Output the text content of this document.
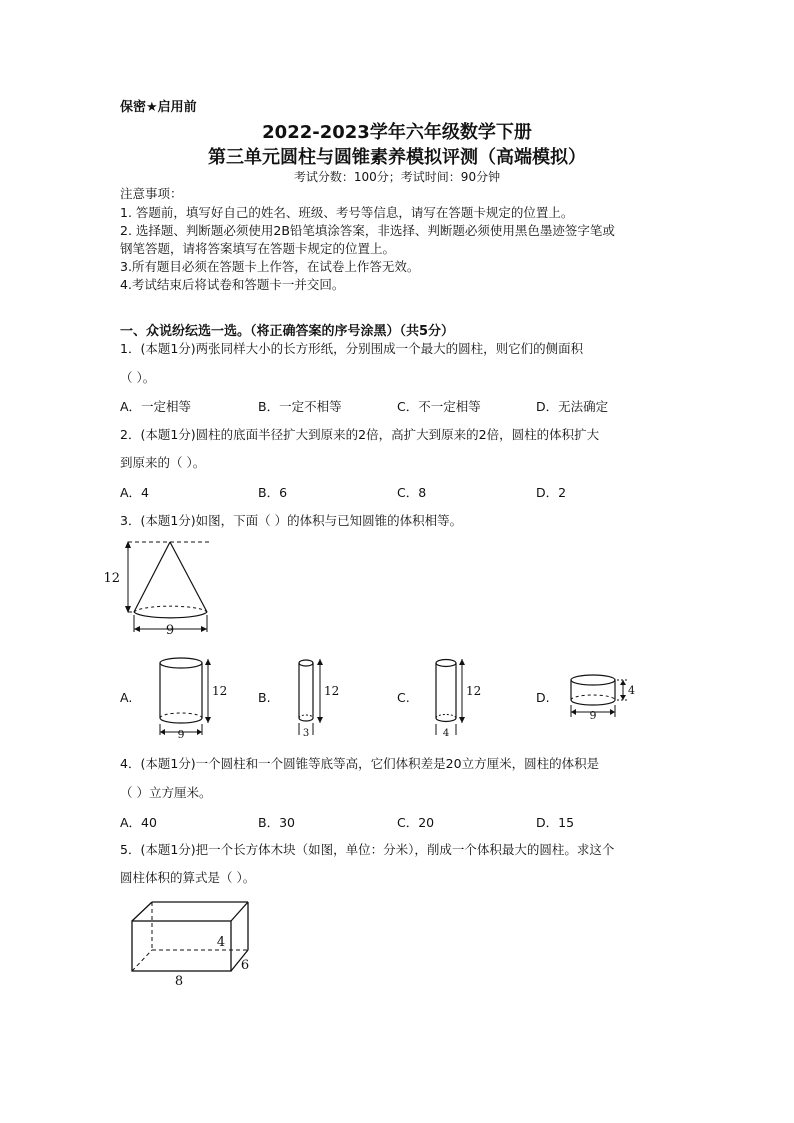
保密★启用前
2022-2023学年六年级数学下册
第三单元圆柱与圆锥素养模拟评测（高端模拟）
考试分数：100分；考试时间：90分钟
注意事项：
1. 答题前，填写好自己的姓名、班级、考号等信息，请写在答题卡规定的位置上。
2. 选择题、判断题必须使用2B铅笔填涂答案，非选择、判断题必须使用黑色墨迹签字笔或
钢笔答题，请将答案填写在答题卡规定的位置上。
3.所有题目必须在答题卡上作答，在试卷上作答无效。
4.考试结束后将试卷和答题卡一并交回。
一、众说纷纭选一选。（将正确答案的序号涂黑）（共5分）
1．(本题1分)两张同样大小的长方形纸，分别围成一个最大的圆柱，则它们的侧面积
（ ）。
A．一定相等	B．一定不相等	C．不一定相等	D．无法确定
2．(本题1分)圆柱的底面半径扩大到原来的2倍，高扩大到原来的2倍，圆柱的体积扩大
到原来的（ ）。
A．4	B．6	C．8	D．2
3．(本题1分)如图，下面（ ）的体积与已知圆锥的体积相等。
12
9
A.	12
9
B.	12
3
C.	12
4
D.	4
9
4．(本题1分)一个圆柱和一个圆锥等底等高，它们体积差是20立方厘米，圆柱的体积是
（ ）立方厘米。
A．40	B．30	C．20	D．15
5．(本题1分)把一个长方体木块（如图，单位：分米），削成一个体积最大的圆柱。求这个
圆柱体积的算式是（ ）。
4
6
8
